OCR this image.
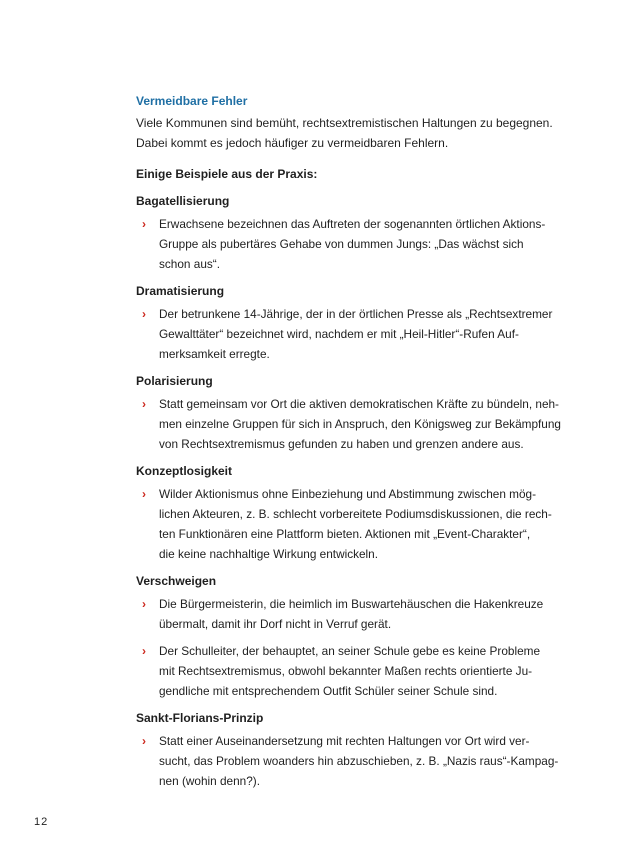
Vermeidbare Fehler
Viele Kommunen sind bemüht, rechtsextremistischen Haltungen zu begegnen.
Dabei kommt es jedoch häufiger zu vermeidbaren Fehlern.
Einige Beispiele aus der Praxis:
Bagatellisierung
› Erwachsene bezeichnen das Auftreten der sogenannten örtlichen Aktions-
Gruppe als pubertäres Gehabe von dummen Jungs: „Das wächst sich
schon aus“.
Dramatisierung
› Der betrunkene 14-Jährige, der in der örtlichen Presse als „Rechtsextremer
Gewalttäter“ bezeichnet wird, nachdem er mit „Heil-Hitler“-Rufen Auf-
merksamkeit erregte.
Polarisierung
› Statt gemeinsam vor Ort die aktiven demokratischen Kräfte zu bündeln, neh-
men einzelne Gruppen für sich in Anspruch, den Königsweg zur Bekämpfung
von Rechtsextremismus gefunden zu haben und grenzen andere aus.
Konzeptlosigkeit
› Wilder Aktionismus ohne Einbeziehung und Abstimmung zwischen mög-
lichen Akteuren, z. B. schlecht vorbereitete Podiumsdiskussionen, die rech-
ten Funktionären eine Plattform bieten. Aktionen mit „Event-Charakter“,
die keine nachhaltige Wirkung entwickeln.
Verschweigen
› Die Bürgermeisterin, die heimlich im Buswartehäuschen die Hakenkreuze
übermalt, damit ihr Dorf nicht in Verruf gerät.
› Der Schulleiter, der behauptet, an seiner Schule gebe es keine Probleme
mit Rechtsextremismus, obwohl bekannter Maßen rechts orientierte Ju-
gendliche mit entsprechendem Outfit Schüler seiner Schule sind.
Sankt-Florians-Prinzip
› Statt einer Auseinandersetzung mit rechten Haltungen vor Ort wird ver-
sucht, das Problem woanders hin abzuschieben, z. B. „Nazis raus“-Kampag-
nen (wohin denn?).
12
